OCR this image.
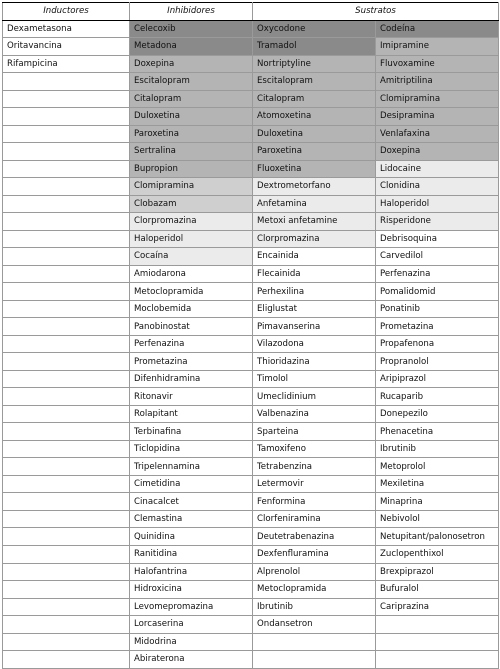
Inductores	Inhibidores	Sustratos	
Dexametasona	Celecoxib	Oxycodone	Codeína
Oritavancina	Metadona	Tramadol	Imipramine
Rifampicina	Doxepina	Nortriptyline	Fluvoxamine
	Escitalopram	Escitalopram	Amitriptilina
	Citalopram	Citalopram	Clomipramina
	Duloxetina	Atomoxetina	Desipramina
	Paroxetina	Duloxetina	Venlafaxina
	Sertralina	Paroxetina	Doxepina
	Bupropion	Fluoxetina	Lidocaine
	Clomipramina	Dextrometorfano	Clonidina
	Clobazam	Anfetamina	Haloperidol
	Clorpromazina	Metoxi anfetamine	Risperidone
	Haloperidol	Clorpromazina	Debrisoquina
	Cocaína	Encainida	Carvedilol
	Amiodarona	Flecainida	Perfenazina
	Metoclopramida	Perhexilina	Pomalidomid
	Moclobemida	Eliglustat	Ponatinib
	Panobinostat	Pimavanserina	Prometazina
	Perfenazina	Vilazodona	Propafenona
	Prometazina	Thioridazina	Propranolol
	Difenhidramina	Timolol	Aripiprazol
	Ritonavir	Umeclidinium	Rucaparib
	Rolapitant	Valbenazina	Donepezilo
	Terbinafina	Sparteina	Phenacetina
	Ticlopidina	Tamoxifeno	Ibrutinib
	Tripelennamina	Tetrabenzina	Metoprolol
	Cimetidina	Letermovir	Mexiletina
	Cinacalcet	Fenformina	Minaprina
	Clemastina	Clorfeniramina	Nebivolol
	Quinidina	Deutetrabenazina	Netupitant/palonosetron
	Ranitidina	Dexfenfluramina	Zuclopenthixol
	Halofantrina	Alprenolol	Brexpiprazol
	Hidroxicina	Metoclopramida	Bufuralol
	Levomepromazina	Ibrutinib	Cariprazina
	Lorcaserina	Ondansetron	
	Midodrina		
	Abiraterona		
